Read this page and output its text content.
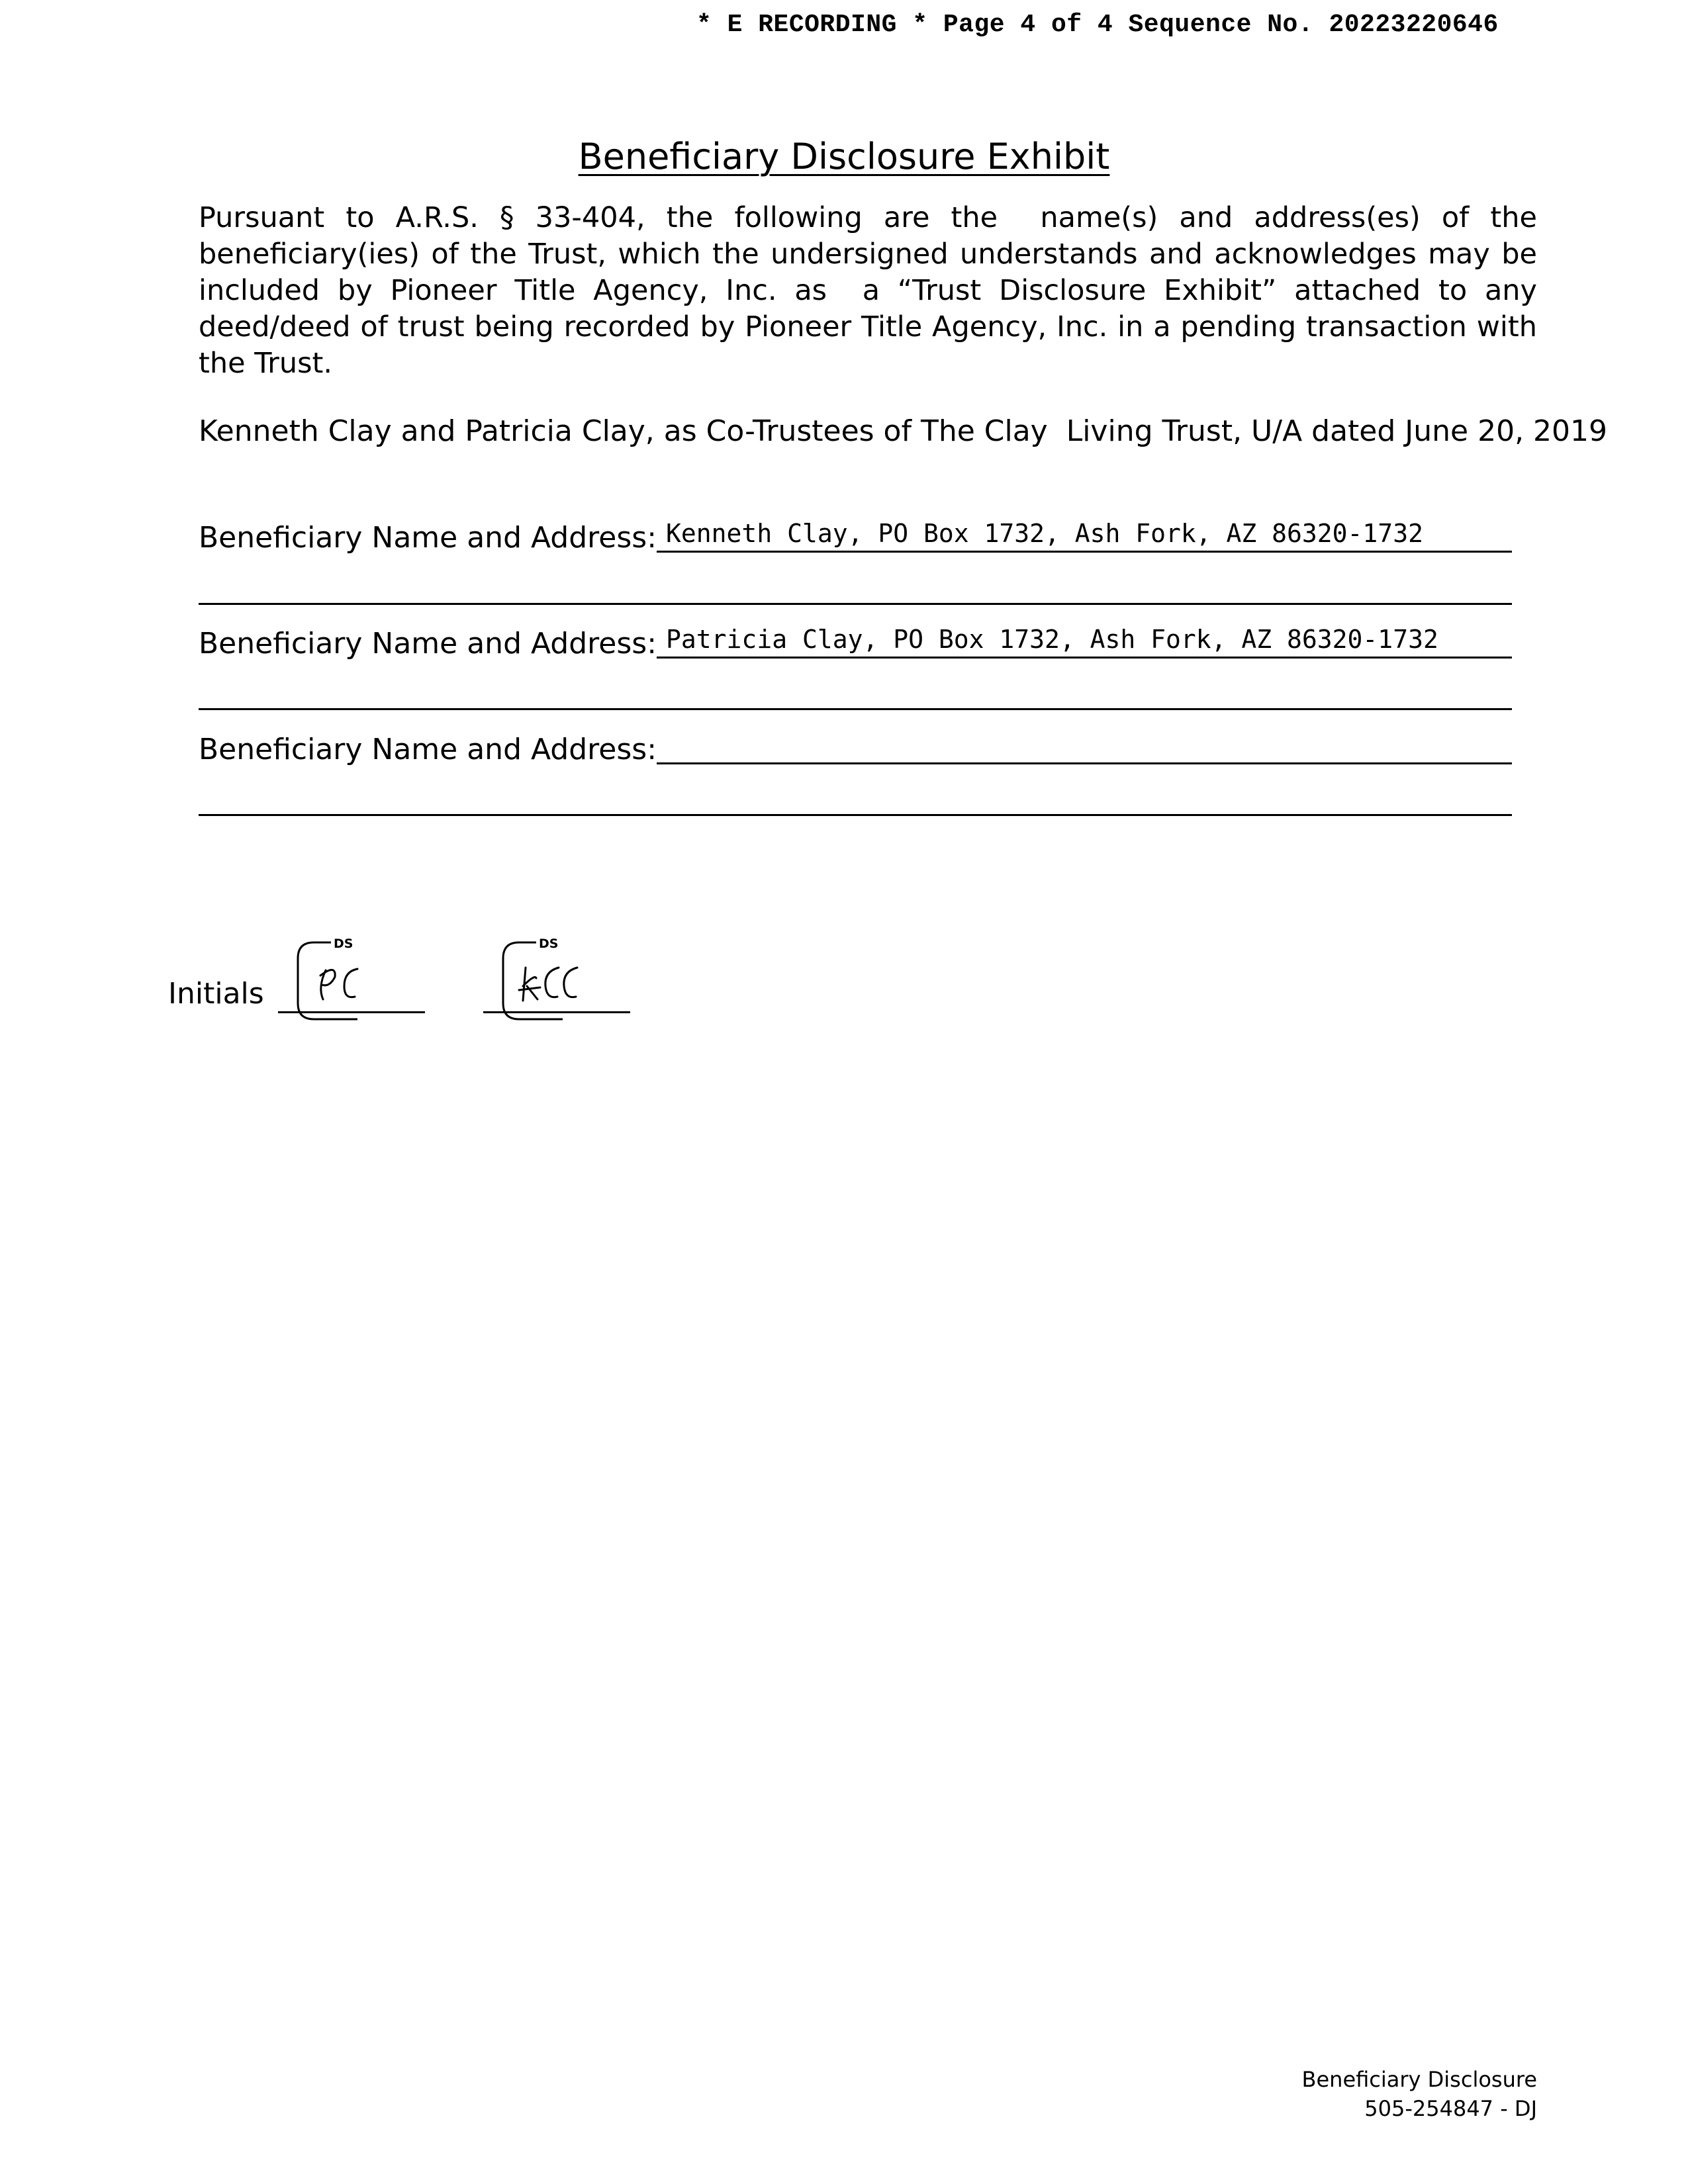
* E RECORDING * Page 4 of 4 Sequence No. 20223220646
Beneficiary Disclosure Exhibit
Pursuant to A.R.S. § 33-404, the following are the  name(s) and address(es) of the beneficiary(ies) of the Trust, which the undersigned understands and acknowledges may be included by Pioneer Title Agency, Inc. as  a “Trust Disclosure Exhibit” attached to any deed/deed of trust being recorded by Pioneer Title Agency, Inc. in a pending transaction with the Trust.
Kenneth Clay and Patricia Clay, as Co-Trustees of The Clay  Living Trust, U/A dated June 20, 2019
Beneficiary Name and Address: Kenneth Clay, PO Box 1732, Ash Fork, AZ 86320-1732
Beneficiary Name and Address: Patricia Clay, PO Box 1732, Ash Fork, AZ 86320-1732
Beneficiary Name and Address:
Initials
DS	DS
Beneficiary Disclosure
505-254847 - DJ
